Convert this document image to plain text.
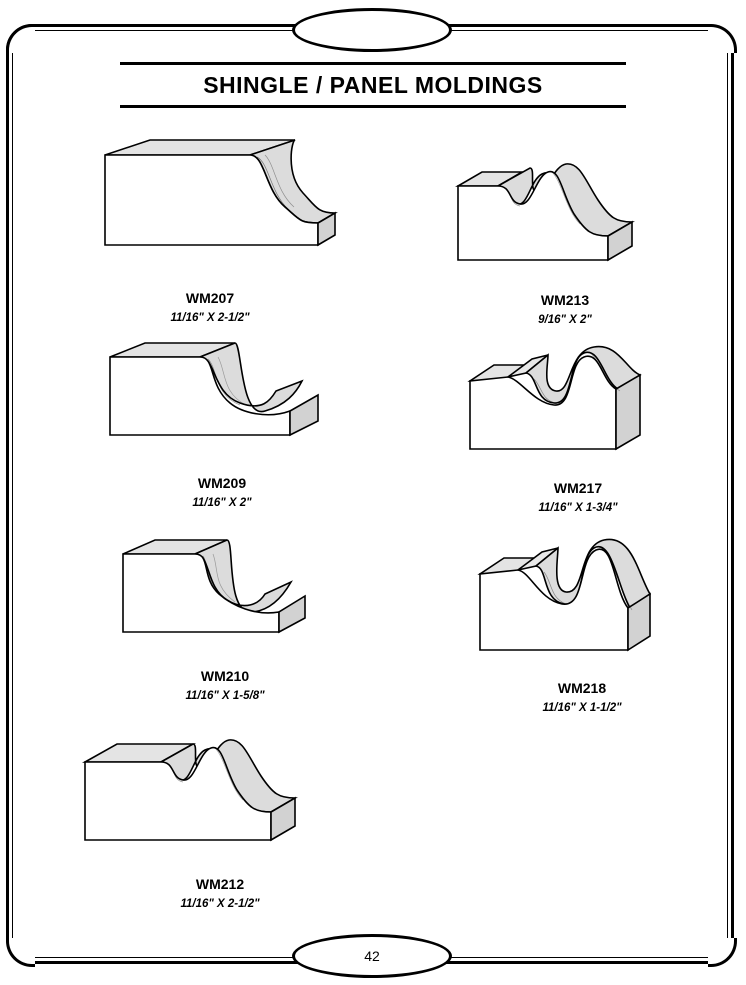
SHINGLE / PANEL MOLDINGS
WM207
11/16" X 2-1/2"
WM209
11/16" X 2"
WM210
11/16" X 1-5/8"
WM212
11/16" X 2-1/2"
WM213
9/16" X 2"
WM217
11/16" X 1-3/4"
WM218
11/16" X 1-1/2"
42
